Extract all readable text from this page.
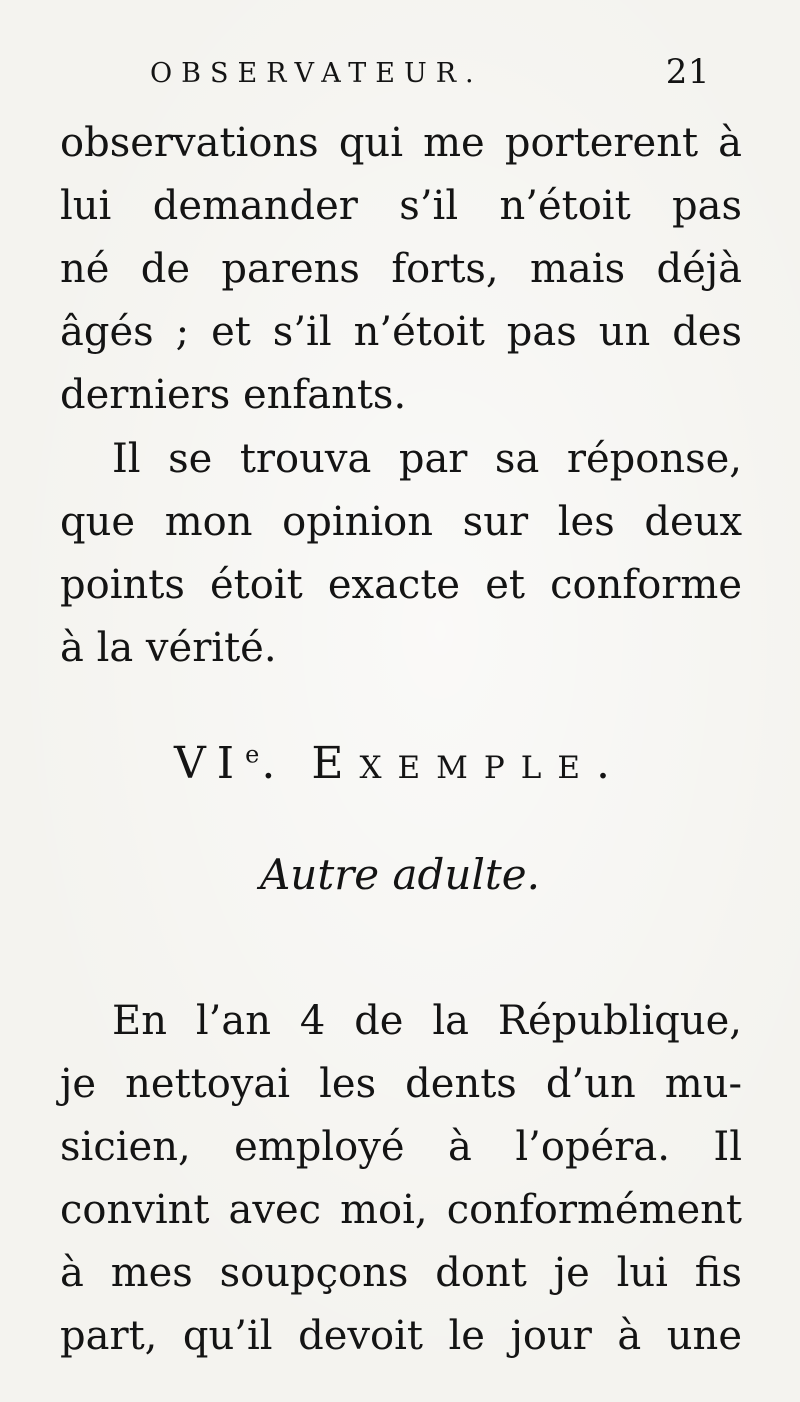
OBSERVATEUR.	21
observations qui me porterent à
lui demander s’il n’étoit pas
né de parens forts, mais déjà
âgés ; et s’il n’étoit pas un des
derniers enfants.
Il se trouva par sa réponse,
que mon opinion sur les deux
points étoit exacte et conforme
à la vérité.
VIe. Exemple.
Autre adulte.
En l’an 4 de la République,
je nettoyai les dents d’un mu-
sicien, employé à l’opéra. Il
convint avec moi, conformément
à mes soupçons dont je lui fis
part, qu’il devoit le jour à une
